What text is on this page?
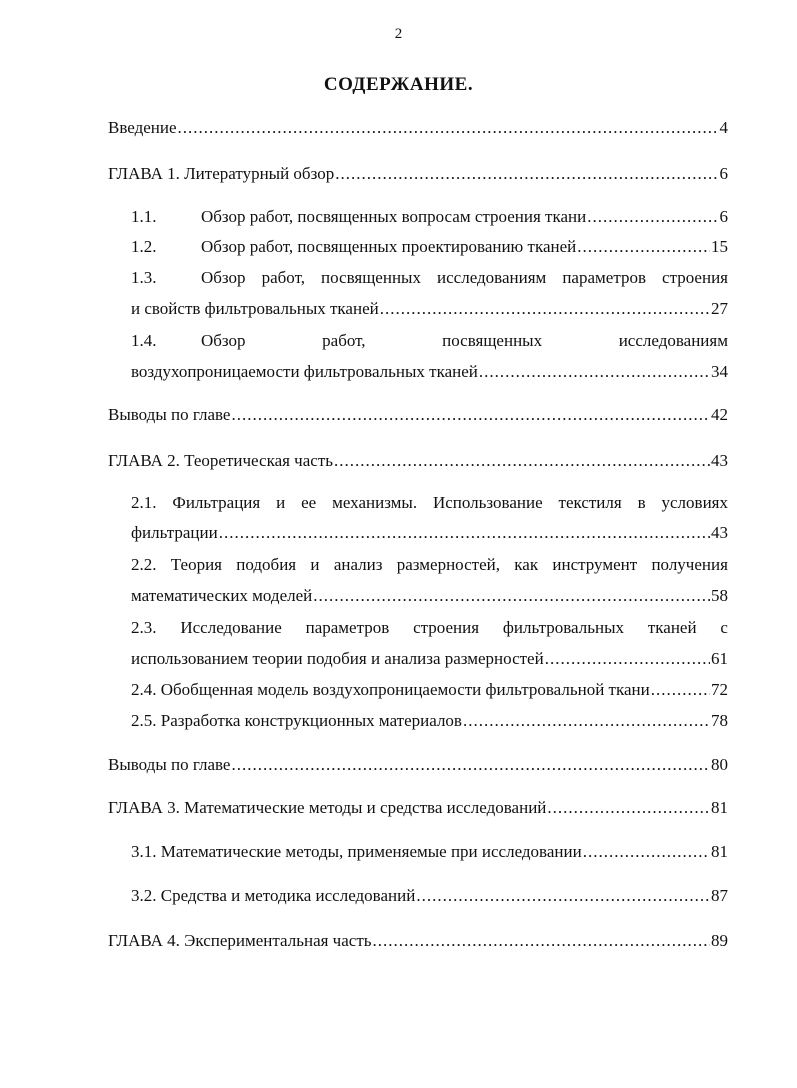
2
СОДЕРЖАНИЕ.
Введение .....	4
ГЛАВА 1. Литературный обзор .....	6
1.1.	Обзор работ, посвященных вопросам строения ткани .....	6
1.2.	Обзор работ, посвященных проектированию тканей .....	15
1.3.	Обзор работ, посвященных исследованиям параметров строения
и свойств фильтровальных тканей .....	27
1.4.	Обзор	работ,	посвященных	исследованиям
воздухопроницаемости фильтровальных тканей .....	34
Выводы по главе .....	42
ГЛАВА 2. Теоретическая часть .....	43
2.1. Фильтрация и ее механизмы. Использование текстиля в условиях
фильтрации .....	43
2.2. Теория подобия и анализ размерностей, как инструмент получения
математических моделей .....	58
2.3. Исследование параметров строения фильтровальных тканей с
использованием теории подобия и анализа размерностей .....	61
2.4. Обобщенная модель воздухопроницаемости фильтровальной ткани .....	72
2.5. Разработка конструкционных материалов .....	78
Выводы по главе .....	80
ГЛАВА 3. Математические методы и средства исследований .....	81
3.1. Математические методы, применяемые при исследовании .....	81
3.2. Средства и методика исследований .....	87
ГЛАВА 4. Экспериментальная часть .....	89
